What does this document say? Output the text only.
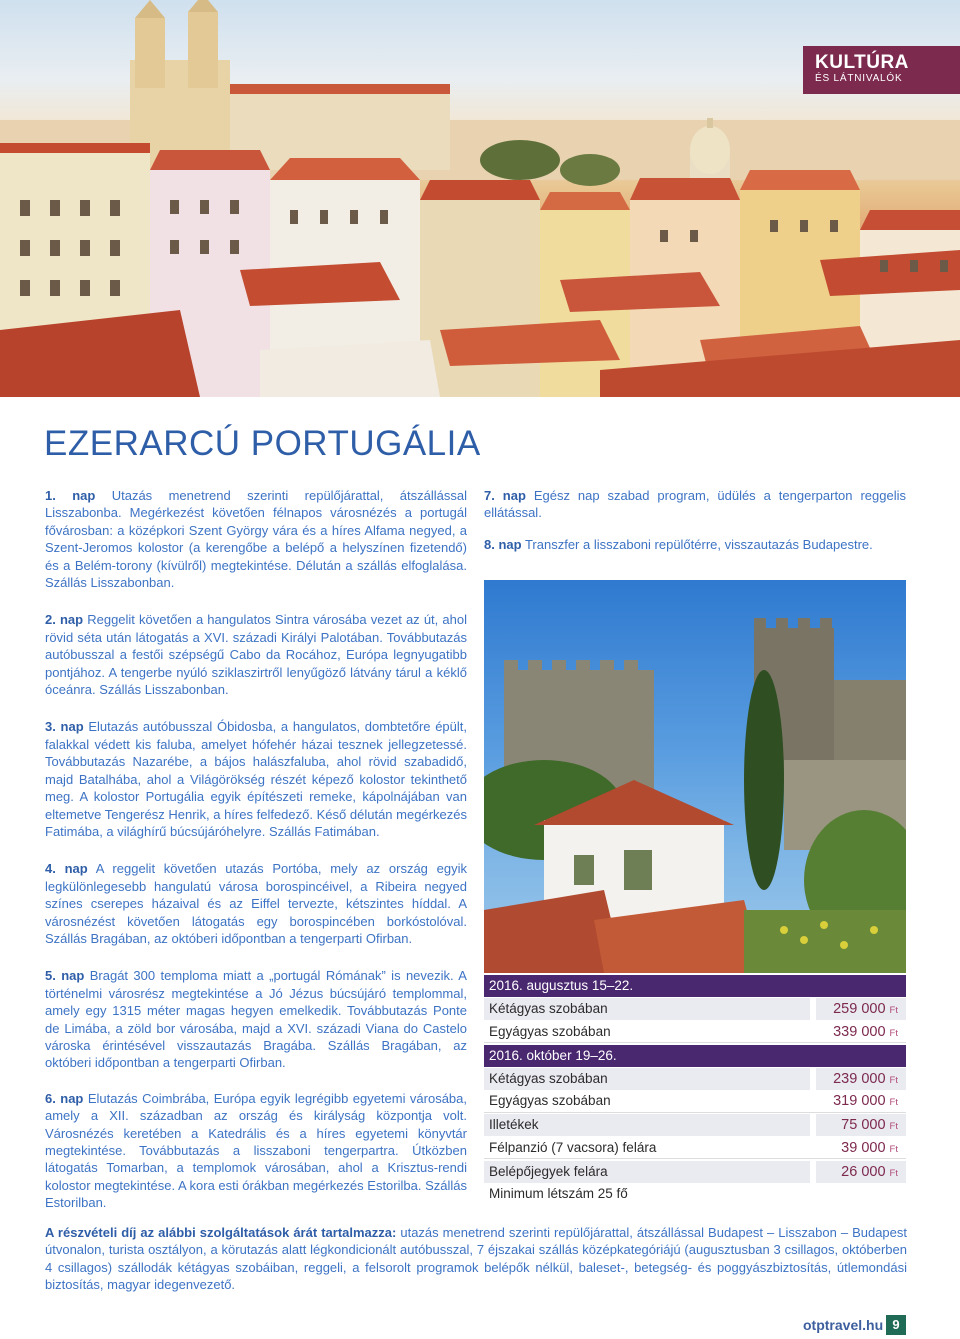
KULTÚRA
ÉS LÁTNIVALÓK
EZERARCÚ PORTUGÁLIA

1. nap Utazás menetrend szerinti repülőjárattal, átszállással Lisszabonba. Megérkezést követően félnapos városnézés a portugál fővárosban: a középkori Szent György vára és a híres Alfama negyed, a Szent-Jeromos kolostor (a kerengőbe a belépő a helyszínen fizetendő) és a Belém-torony (kívülről) megtekintése. Délután a szállás elfoglalása. Szállás Lisszabonban.

2. nap Reggelit követően a hangulatos Sintra városába vezet az út, ahol rövid séta után látogatás a XVI. századi Királyi Palotában. Továbbutazás autóbusszal a festői szépségű Cabo da Rocához, Európa legnyugatibb pontjához. A tengerbe nyúló sziklaszirtről lenyűgöző látvány tárul a kéklő óceánra. Szállás Lisszabonban.

3. nap Elutazás autóbusszal Óbidosba, a hangulatos, dombtetőre épült, falakkal védett kis faluba, amelyet hófehér házai tesznek jellegzetessé. Továbbutazás Nazarébe, a bájos halászfaluba, ahol rövid szabadidő, majd Batalhába, ahol a Világörökség részét képező kolostor tekinthető meg. A kolostor Portugália egyik építészeti remeke, kápolnájában van eltemetve Tengerész Henrik, a híres felfedező. Késő délután megérkezés Fatimába, a világhírű búcsújáróhelyre. Szállás Fatimában.

4. nap A reggelit követően utazás Portóba, mely az ország egyik legkülönlegesebb hangulatú városa borospincéivel, a Ribeira negyed színes cserepes házaival és az Eiffel tervezte, kétszintes híddal. A városnézést követően látogatás egy borospincében borkóstolóval. Szállás Bragában, az októberi időpontban a tengerparti Ofirban.

5. nap Bragát 300 temploma miatt a „portugál Rómának” is nevezik. A történelmi városrész megtekintése a Jó Jézus búcsújáró templommal, amely egy 1315 méter magas hegyen emelkedik. Továbbutazás Ponte de Limába, a zöld bor városába, majd a XVI. századi Viana do Castelo városka érintésével visszautazás Bragába. Szállás Bragában, az októberi időpontban a tengerparti Ofirban.

6. nap Elutazás Coimbrába, Európa egyik legrégibb egyetemi városába, amely a XII. században az ország és királyság központja volt. Városnézés keretében a Katedrális és a híres egyetemi könyvtár megtekintése. Továbbutazás a lisszaboni tengerpartra. Útközben látogatás Tomarban, a templomok városában, ahol a Krisztus-rendi kolostor megtekintése. A kora esti órákban megérkezés Estorilba. Szállás Estorilban.

7. nap Egész nap szabad program, üdülés a tengerparton reggelis ellátással.

8. nap Transzfer a lisszaboni repülőtérre, visszautazás Budapestre.

2016. augusztus 15–22.
Kétágyas szobában	259 000 Ft
Egyágyas szobában	339 000 Ft
2016. október 19–26.
Kétágyas szobában	239 000 Ft
Egyágyas szobában	319 000 Ft
Illetékek	75 000 Ft
Félpanzió (7 vacsora) felára	39 000 Ft
Belépőjegyek felára	26 000 Ft
Minimum létszám 25 fő
A részvételi díj az alábbi szolgáltatások árát tartalmazza: utazás menetrend szerinti repülőjárattal, átszállással Budapest – Lisszabon – Budapest útvonalon, turista osztályon, a körutazás alatt légkondicionált autóbusszal, 7 éjszakai szállás középkategóriájú (augusztusban 3 csillagos, októberben 4 csillagos) szállodák kétágyas szobáiban, reggeli, a felsorolt programok belépők nélkül, baleset-, betegség- és poggyászbiztosítás, útlemondási biztosítás, magyar idegenvezető.
otptravel.hu 9
